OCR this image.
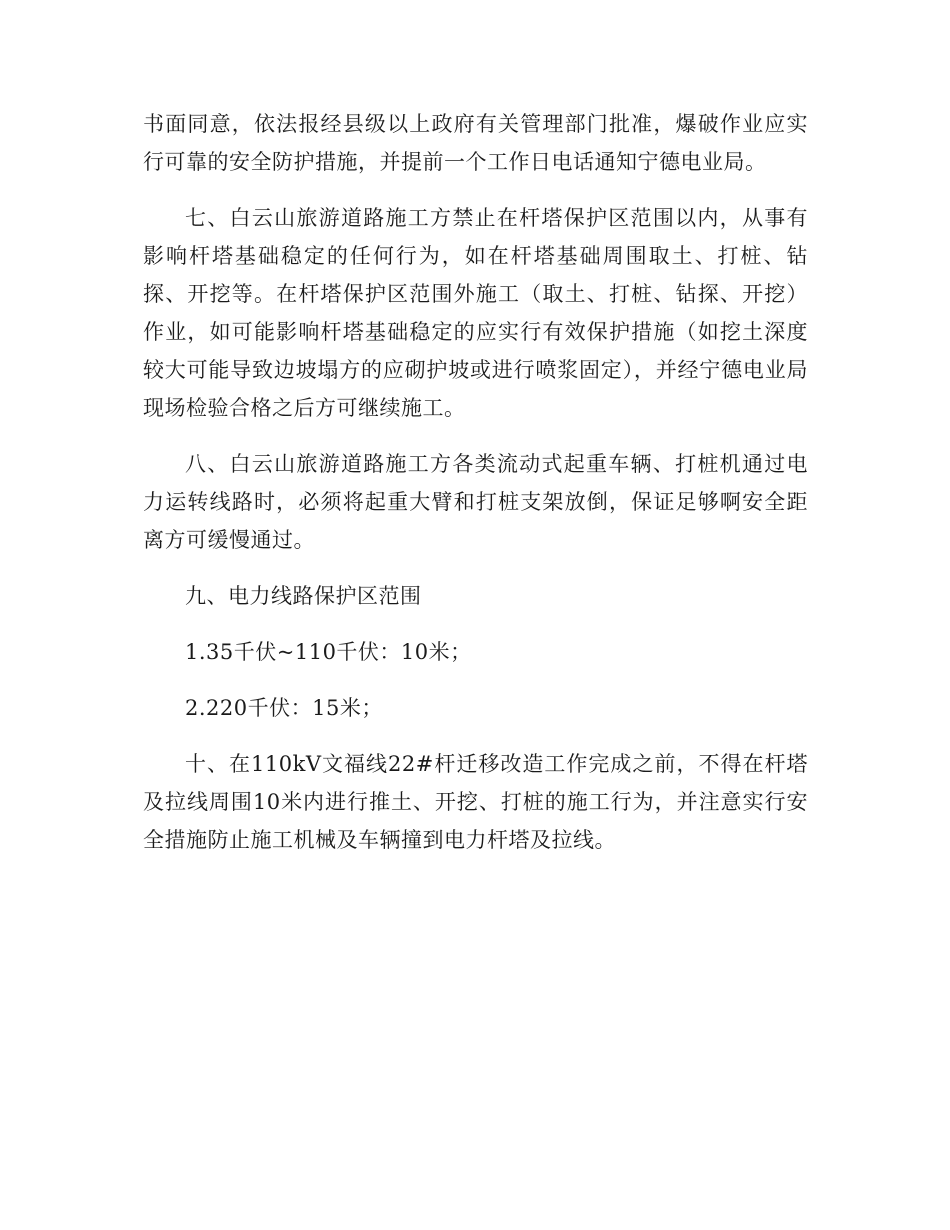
书面同意，依法报经县级以上政府有关管理部门批准，爆破作业应实行可靠的安全防护措施，并提前一个工作日电话通知宁德电业局。

七、白云山旅游道路施工方禁止在杆塔保护区范围以内，从事有影响杆塔基础稳定的任何行为，如在杆塔基础周围取土、打桩、钻探、开挖等。在杆塔保护区范围外施工（取土、打桩、钻探、开挖）作业，如可能影响杆塔基础稳定的应实行有效保护措施（如挖土深度较大可能导致边坡塌方的应砌护坡或进行喷浆固定），并经宁德电业局现场检验合格之后方可继续施工。

八、白云山旅游道路施工方各类流动式起重车辆、打桩机通过电力运转线路时，必须将起重大臂和打桩支架放倒，保证足够啊安全距离方可缓慢通过。

九、电力线路保护区范围

1.35千伏~110千伏：10米；

2.220千伏：15米；

十、在110kV文福线22#杆迁移改造工作完成之前，不得在杆塔及拉线周围10米内进行推土、开挖、打桩的施工行为，并注意实行安全措施防止施工机械及车辆撞到电力杆塔及拉线。
